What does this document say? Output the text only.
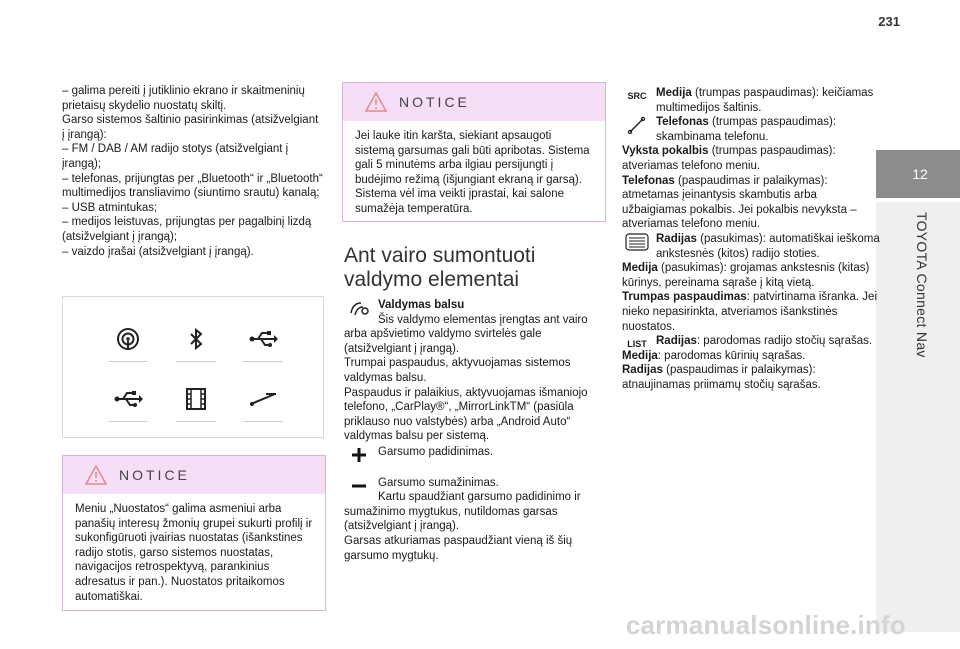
231
12
TOYOTA Connect Nav

– galima pereiti į jutiklinio ekrano ir skaitmeninių prietaisų skydelio nuostatų skiltį.

Garso sistemos šaltinio pasirinkimas (atsižvelgiant į įrangą):

– FM / DAB / AM radijo stotys (atsižvelgiant į įrangą);

– telefonas, prijungtas per „Bluetooth“ ir „Bluetooth“ multimedijos transliavimo (siuntimo srautu) kanalą;

– USB atmintukas;

– medijos leistuvas, prijungtas per pagalbinį lizdą (atsižvelgiant į įrangą);

– vaizdo įrašai (atsižvelgiant į įrangą).

NOTICE
Meniu „Nuostatos“ galima asmeniui arba panašių interesų žmonių grupei sukurti profilį ir sukonfigūruoti įvairias nuostatas (išankstines radijo stotis, garso sistemos nuostatas, navigacijos retrospektyvą, parankinius adresatus ir pan.). Nuostatos pritaikomos automatiškai.
NOTICE
Jei lauke itin karšta, siekiant apsaugoti sistemą garsumas gali būti apribotas. Sistema gali 5 minutėms arba ilgiau persijungti į budėjimo režimą (išjungiant ekraną ir garsą). Sistema vėl ima veikti įprastai, kai salone sumažėja temperatūra.
Ant vairo sumontuoti valdymo elementai

Valdymas balsu

Šis valdymo elementas įrengtas ant vairo arba apšvietimo valdymo svirtelės gale (atsižvelgiant į įrangą).

Trumpai paspaudus, aktyvuojamas sistemos valdymas balsu.

Paspaudus ir palaikius, aktyvuojamas išmaniojo telefono, „CarPlay®“, „MirrorLinkTM“ (pasiūla priklauso nuo valstybės) arba „Android Auto“ valdymas balsu per sistemą.

Garsumo padidinimas.

Garsumo sumažinimas.

Kartu spaudžiant garsumo padidinimo ir sumažinimo mygtukus, nutildomas garsas (atsižvelgiant į įrangą).

Garsas atkuriamas paspaudžiant vieną iš šių garsumo mygtukų.

SRC Medija (trumpas paspaudimas): keičiamas multimedijos šaltinis.

Telefonas (trumpas paspaudimas): skambinama telefonu.

Vyksta pokalbis (trumpas paspaudimas): atveriamas telefono meniu.

Telefonas (paspaudimas ir palaikymas): atmetamas įeinantysis skambutis arba užbaigiamas pokalbis. Jei pokalbis nevyksta – atveriamas telefono meniu.

Radijas (pasukimas): automatiškai ieškoma ankstesnės (kitos) radijo stoties.

Medija (pasukimas): grojamas ankstesnis (kitas) kūrinys, pereinama sąraše į kitą vietą.

Trumpas paspaudimas: patvirtinama išranka. Jei nieko nepasirinkta, atveriamos išankstinės nuostatos.

LIST Radijas: parodomas radijo stočių sąrašas.

Medija: parodomas kūrinių sąrašas.

Radijas (paspaudimas ir palaikymas): atnaujinamas priimamų stočių sąrašas.

carmanualsonline.info
